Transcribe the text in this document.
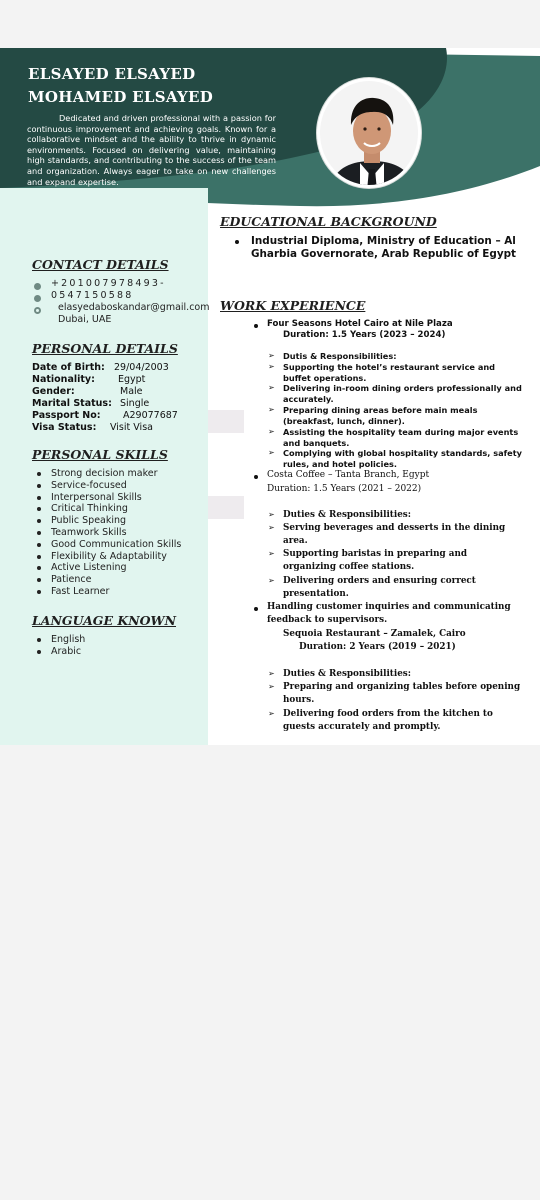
ELSAYED ELSAYED
MOHAMED ELSAYED
Dedicated and driven professional with a passion for continuous improvement and achieving goals. Known for a collaborative mindset and the ability to thrive in dynamic environments. Focused on delivering value, maintaining high standards, and contributing to the success of the team and organization. Always eager to take on new challenges and expand expertise.
CONTACT DETAILS
+201007978493-
0547150588
elasyedaboskandar@gmail.com
Dubai, UAE
PERSONAL DETAILS
Date of Birth: 29/04/2003
Nationality: Egypt
Gender:	Male
Marital Status: Single
Passport No: A29077687
Visa Status: Visit Visa
PERSONAL SKILLS
Strong decision maker
Service-focused
Interpersonal Skills
Critical Thinking
Public Speaking
Teamwork Skills
Good Communication Skills
Flexibility & Adaptability
Active Listening
Patience
Fast Learner
LANGUAGE KNOWN
English
Arabic
EDUCATIONAL BACKGROUND
Industrial Diploma, Ministry of Education – Al Gharbia Governorate, Arab Republic of Egypt
WORK EXPERIENCE
Four Seasons Hotel Cairo at Nile Plaza
Duration: 1.5 Years (2023 – 2024)
➢ Duti﻿s & Responsibilities:
➢ Supporting the hotel’s restaurant service and buffet operations.
➢ Delivering in-room dining orders professionally and accurately.
➢ Preparing dining areas before main meals (breakfast, lunch, dinner).
➢ Assisting the hospitality team during major events and banquets.
➢ Complying with global hospitality standards, safety rules, and hotel policies.
Costa Coffee – Tanta Branch, Egypt
Duration: 1.5 Years (2021 – 2022)
➢ Duties & Responsibilities:
➢ Serving beverages and desserts in the dining area.
➢ Supporting baristas in preparing and organizing coffee stations.
➢ Delivering orders and ensuring correct presentation.
Handling customer inquiries and communicating feedback to supervisors.
Sequoia Restaurant – Zamalek, Cairo
Duration: 2 Years (2019 – 2021)
➢ Duties & Responsibilities:
➢ Preparing and organizing tables before opening hours.
➢ Delivering food orders from the kitchen to guests accurately and promptly.
